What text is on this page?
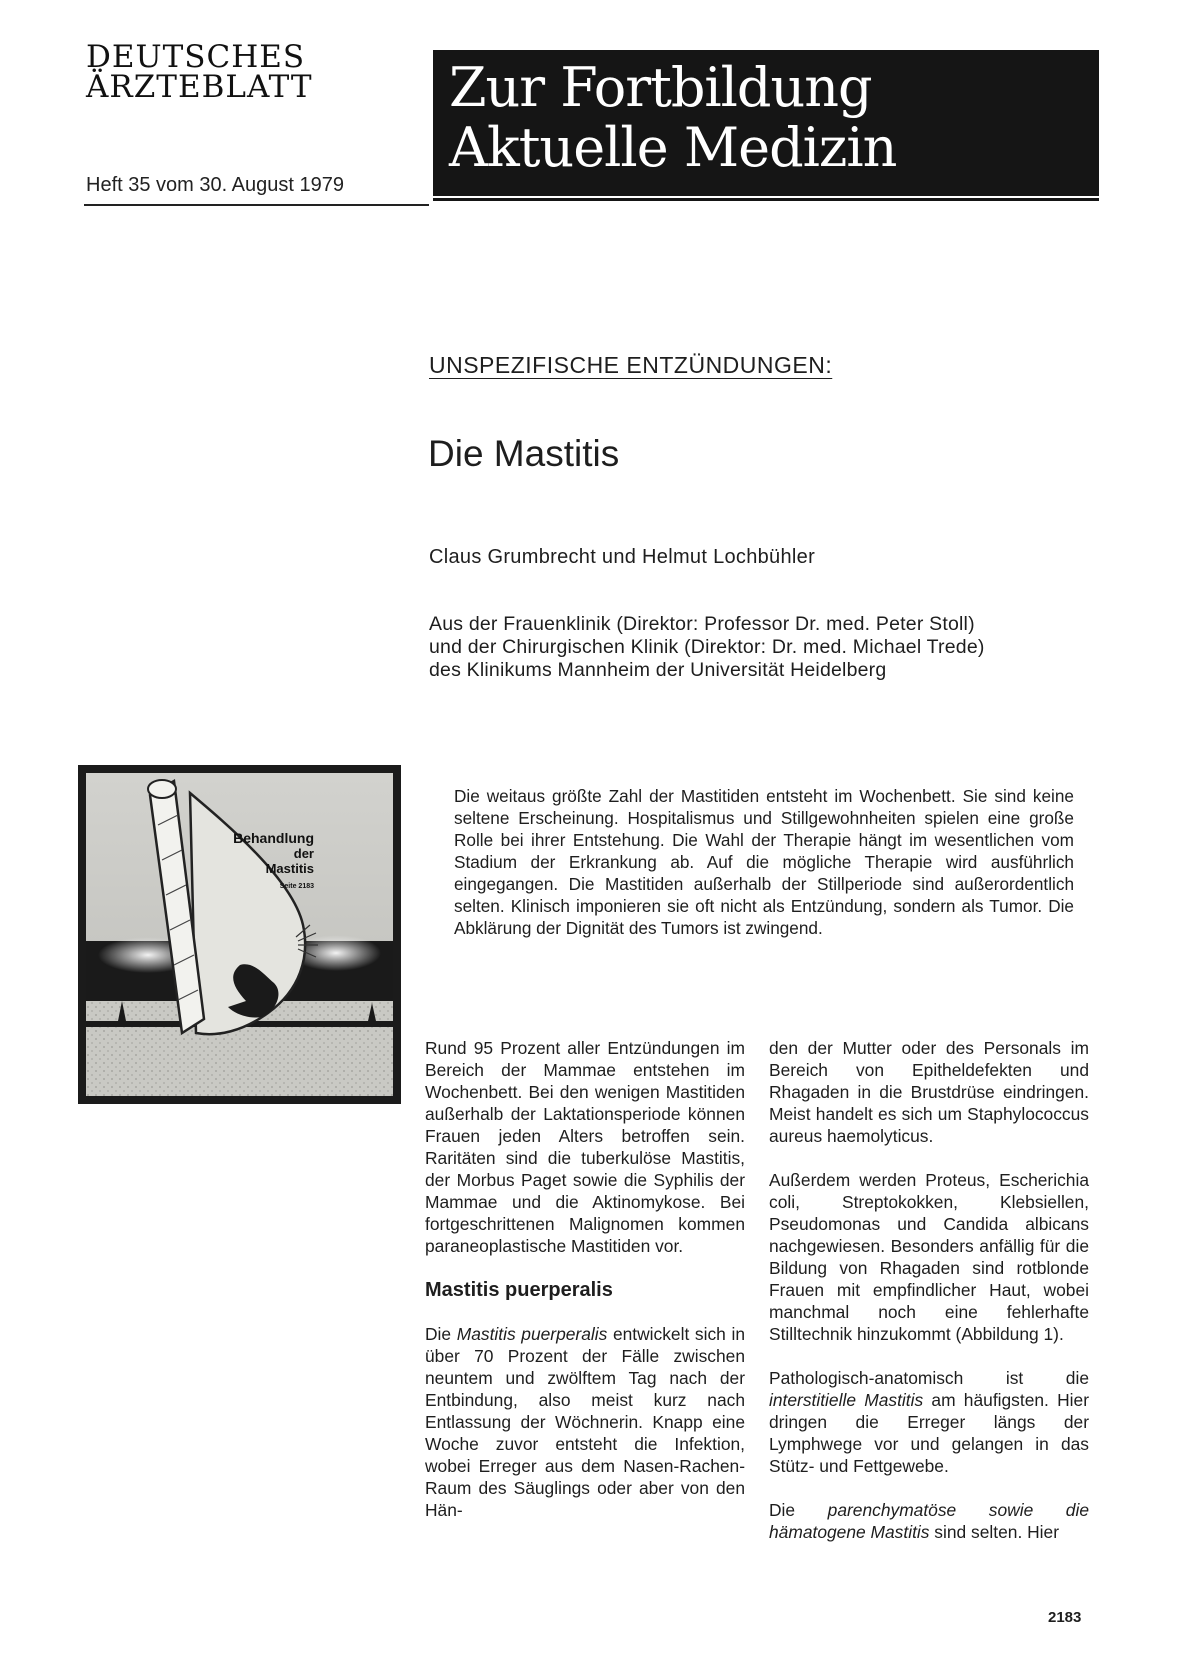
DEUTSCHES
ÄRZTEBLATT
Heft 35 vom 30. August 1979
Zur Fortbildung
Aktuelle Medizin
UNSPEZIFISCHE ENTZÜNDUNGEN:
Die Mastitis
Claus Grumbrecht und Helmut Lochbühler
Aus der Frauenklinik (Direktor: Professor Dr. med. Peter Stoll)
und der Chirurgischen Klinik (Direktor: Dr. med. Michael Trede)
des Klinikums Mannheim der Universität Heidelberg
Behandlung
der
Mastitis
Seite 2183

Die weitaus größte Zahl der Mastitiden entsteht im Wochenbett. Sie sind keine seltene Erscheinung. Hospitalismus und Stillgewohnheiten spielen eine große Rolle bei ihrer Entstehung. Die Wahl der Therapie hängt im wesentlichen vom Stadium der Erkrankung ab. Auf die mögliche Therapie wird ausführlich eingegangen. Die Mastitiden außerhalb der Stillperiode sind außerordentlich selten. Klinisch imponieren sie oft nicht als Entzündung, sondern als Tumor. Die Abklärung der Dignität des Tumors ist zwingend.

Rund 95 Prozent aller Entzündungen im Bereich der Mammae entstehen im Wochenbett. Bei den wenigen Mastitiden außerhalb der Laktationsperiode können Frauen jeden Alters betroffen sein. Raritäten sind die tuberkulöse Mastitis, der Morbus Paget sowie die Syphilis der Mammae und die Aktinomykose. Bei fortgeschrittenen Malignomen kommen paraneoplastische Mastitiden vor.

Mastitis puerperalis

Die Mastitis puerperalis entwickelt sich in über 70 Prozent der Fälle zwischen neuntem und zwölftem Tag nach der Entbindung, also meist kurz nach Entlassung der Wöchnerin. Knapp eine Woche zuvor entsteht die Infektion, wobei Erreger aus dem Nasen-Rachen-Raum des Säuglings oder aber von den Hän-

den der Mutter oder des Personals im Bereich von Epitheldefekten und Rhagaden in die Brustdrüse eindringen. Meist handelt es sich um Staphylococcus aureus haemolyticus.

Außerdem werden Proteus, Escherichia coli, Streptokokken, Klebsiellen, Pseudomonas und Candida albicans nachgewiesen. Besonders anfällig für die Bildung von Rhagaden sind rotblonde Frauen mit empfindlicher Haut, wobei manchmal noch eine fehlerhafte Stilltechnik hinzukommt (Abbildung 1).

Pathologisch-anatomisch ist die interstitielle Mastitis am häufigsten. Hier dringen die Erreger längs der Lymphwege vor und gelangen in das Stütz- und Fettgewebe.

Die parenchymatöse sowie die hämatogene Mastitis sind selten. Hier

2183
